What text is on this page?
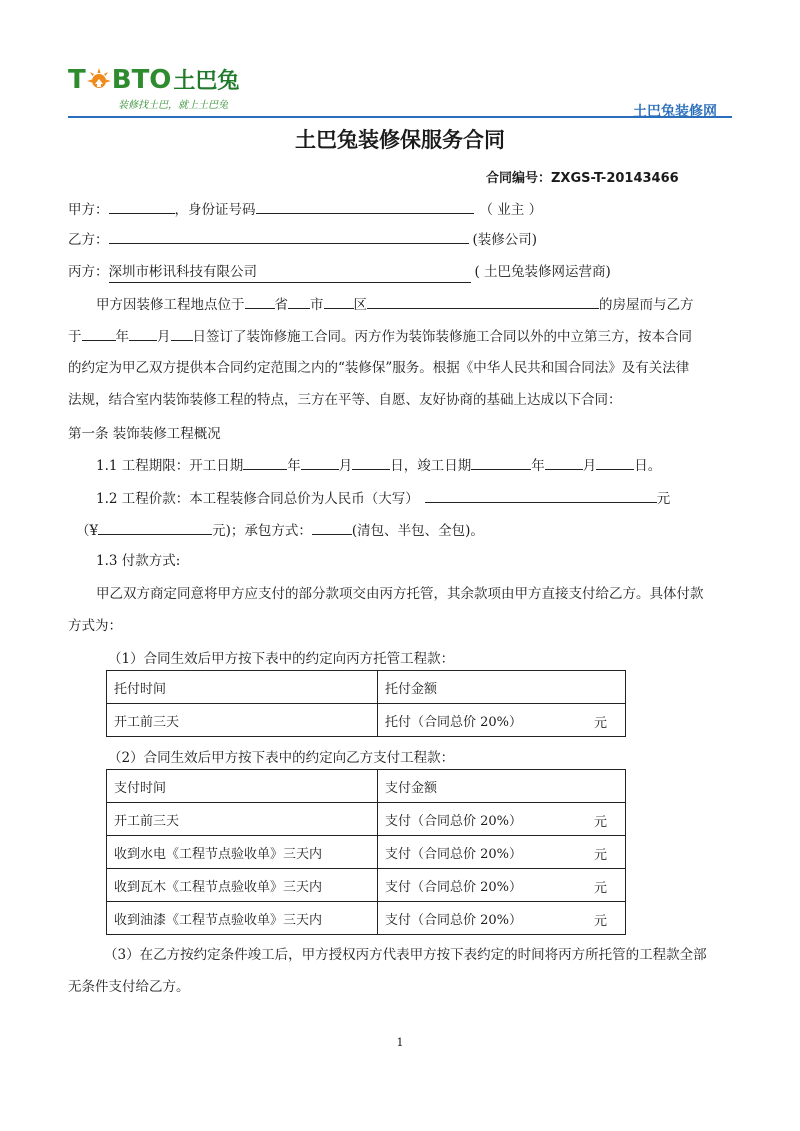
T BTO土巴兔
装修找土巴，就上土巴兔	土巴兔装修网
土巴兔装修保服务合同
合同编号：ZXGS-T-20143466
甲方：	，身份证号码	（ 业主 ）
乙方：	(装修公司)
丙方：深圳市彬讯科技有限公司	( 土巴兔装修网运营商)
甲方因装修工程地点位于 省 市 区	的房屋而与乙方
于	年 月 日签订了装饰修施工合同。丙方作为装饰装修施工合同以外的中立第三方，按本合同
的约定为甲乙双方提供本合同约定范围之内的“装修保”服务。根据《中华人民共和国合同法》及有关法律
法规，结合室内装饰装修工程的特点，三方在平等、自愿、友好协商的基础上达成以下合同：
第一条 装饰装修工程概况
1.1 工程期限：开工日期	年	月	日，竣工日期	年	月	日。
1.2 工程价款：本工程装修合同总价为人民币（大写）	元
（¥	元)；承包方式：	(清包、半包、全包)。
1.3 付款方式:
甲乙双方商定同意将甲方应支付的部分款项交由丙方托管，其余款项由甲方直接支付给乙方。具体付款
方式为：
（1）合同生效后甲方按下表中的约定向丙方托管工程款：
托付时间	托付金额
开工前三天	托付（合同总价 20%） 元
（2）合同生效后甲方按下表中的约定向乙方支付工程款：
支付时间	支付金额
开工前三天	支付（合同总价 20%） 元

收到水电《工程节点验收单》三天内	支付（合同总价 20%） 元

收到瓦木《工程节点验收单》三天内	支付（合同总价 20%） 元

收到油漆《工程节点验收单》三天内	支付（合同总价 20%） 元
（3）在乙方按约定条件竣工后，甲方授权丙方代表甲方按下表约定的时间将丙方所托管的工程款全部
无条件支付给乙方。
1
